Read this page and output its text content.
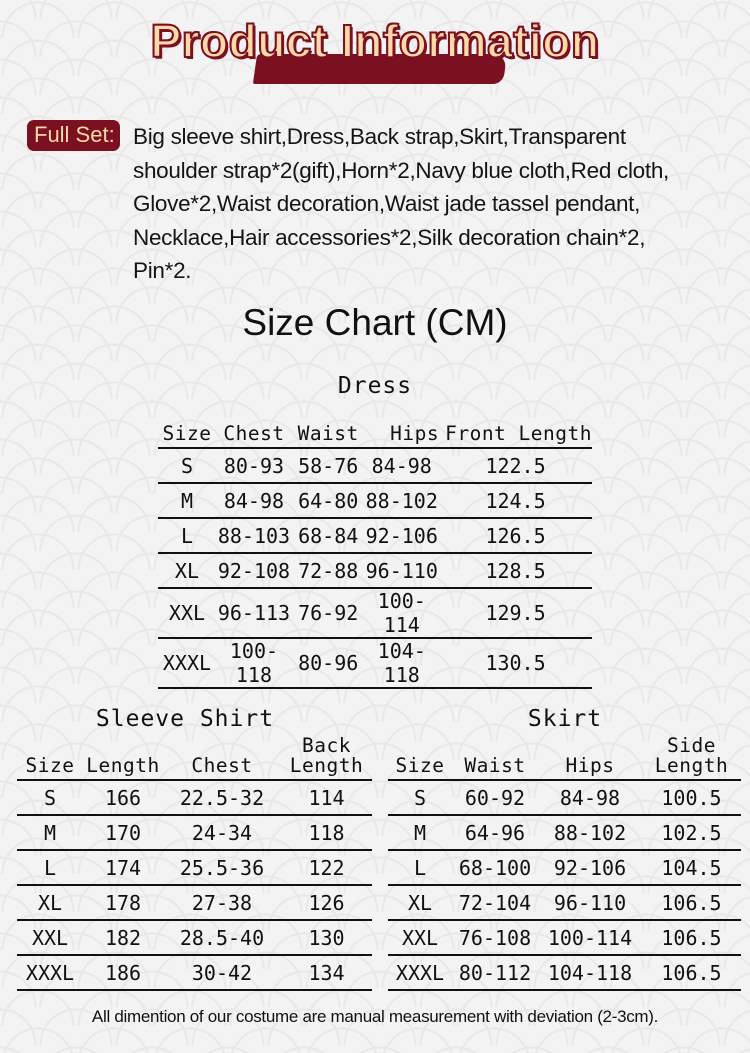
Product Information
Full Set: Big sleeve shirt,Dress,Back strap,Skirt,Transparent
shoulder strap*2(gift),Horn*2,Navy blue cloth,Red cloth,
Glove*2,Waist decoration,Waist jade tassel pendant,
Necklace,Hair accessories*2,Silk decoration chain*2,
Pin*2.
Size Chart (CM)
Dress
Size	Chest	Waist	Hips	Front Length
S	80-93	58-76	84-98	122.5
M	84-98	64-80	88-102	124.5
L	88-103	68-84	92-106	126.5
XL	92-108	72-88	96-110	128.5
XXL	96-113	76-92	100-114	129.5
XXXL	100-118	80-96	104-118	130.5
Sleeve Shirt
Size	Length	Chest	Back
Length

S	166	22.5-32	114
M	170	24-34	118
L	174	25.5-36	122
XL	178	27-38	126
XXL	182	28.5-40	130
XXXL	186	30-42	134
Skirt
Size	Waist	Hips	Side
Length

S	60-92	84-98	100.5
M	64-96	88-102	102.5
L	68-100	92-106	104.5
XL	72-104	96-110	106.5
XXL	76-108	100-114	106.5
XXXL	80-112	104-118	106.5
All dimention of our costume are manual measurement with deviation (2-3cm).
